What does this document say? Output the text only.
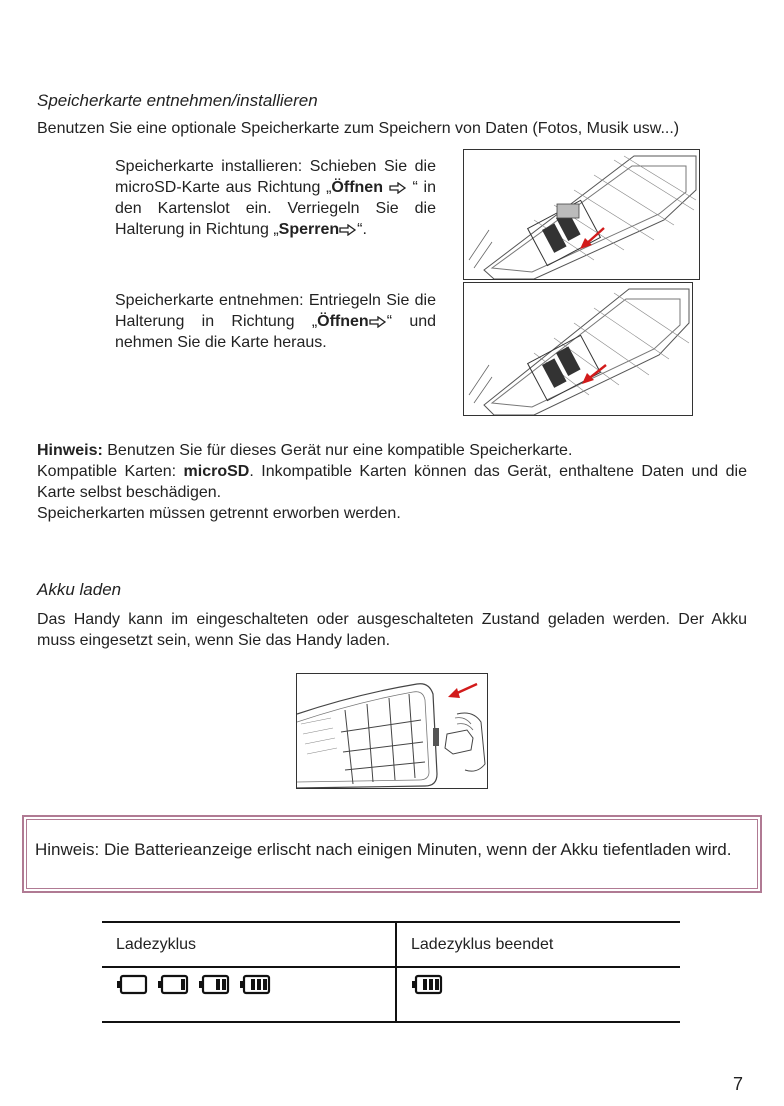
Speicherkarte entnehmen/installieren

Benutzen Sie eine optionale Speicherkarte zum Speichern von Daten (Fotos, Musik usw...)

Speicherkarte installieren: Schieben Sie die microSD-Karte aus Richtung „Öffnen  “ in den Kartenslot ein. Verriegeln Sie die Halterung in Richtung „Sperren “.

Speicherkarte entnehmen: Entriegeln Sie die Halterung in Richtung „Öffnen “ und nehmen Sie die Karte heraus.

Hinweis: Benutzen Sie für dieses Gerät nur eine kompatible Speicherkarte.

Kompatible Karten: microSD. Inkompatible Karten können das Gerät, enthaltene Daten und die Karte selbst beschädigen.

Speicherkarten müssen getrennt erworben werden.

Akku laden

Das Handy kann im eingeschalteten oder ausgeschalteten Zustand geladen werden. Der Akku muss eingesetzt sein, wenn Sie das Handy laden.

Hinweis: Die Batterieanzeige erlischt nach einigen Minuten, wenn der Akku tiefentladen wird.
Ladezyklus	Ladezyklus beendet

7
